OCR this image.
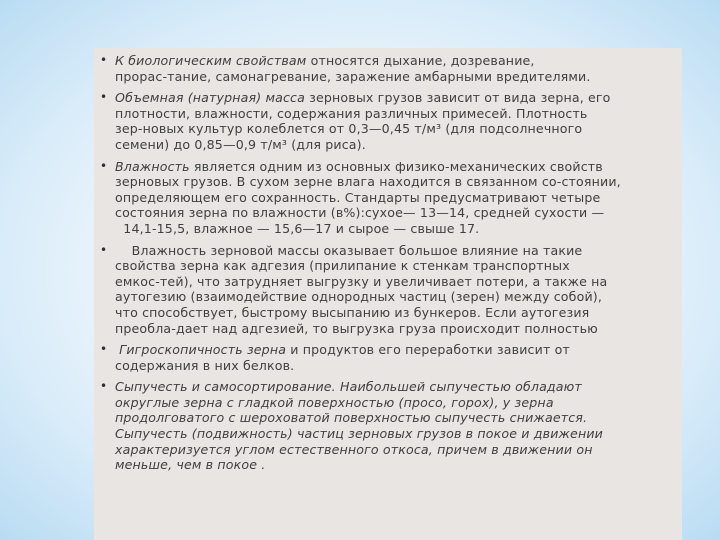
• К биологическим свойствам относятся дыхание, дозревание,
прорас-тание, самонагревание, заражение амбарными вредителями.
• Объемная (натурная) масса зерновых грузов зависит от вида зерна, его
плотности, влажности, содержания различных примесей. Плотность
зер-новых культур колеблется от 0,3—0,45 т/м³ (для подсолнечного
семени) до 0,85—0,9 т/м³ (для риса).
• Влажность является одним из основных физико-механических свойств
зерновых грузов. В сухом зерне влага находится в связанном со-стоянии,
определяющем его сохранность. Стандарты предусматривают четыре
состояния зерна по влажности (в%):сухое— 13—14, средней сухости —
14,1-15,5, влажное — 15,6—17 и сырое — свыше 17.
• Влажность зерновой массы оказывает большое влияние на такие
свойства зерна как адгезия (прилипание к стенкам транспортных
емкос-тей), что затрудняет выгрузку и увеличивает потери, а также на
аутогезию (взаимодействие однородных частиц (зерен) между собой),
что способствует, быстрому высыпанию из бункеров. Если аутогезия
преобла-дает над адгезией, то выгрузка груза происходит полностью
• Гигроскопичность зерна и продуктов его переработки зависит от
содержания в них белков.
• Сыпучесть и самосортирование. Наибольшей сыпучестью обладают
округлые зерна с гладкой поверхностью (просо, горох), у зерна
продолговатого с шероховатой поверхностью сыпучесть снижается.
Сыпучесть (подвижность) частиц зерновых грузов в покое и движении
характеризуется углом естественного откоса, причем в движении он
меньше, чем в покое .
